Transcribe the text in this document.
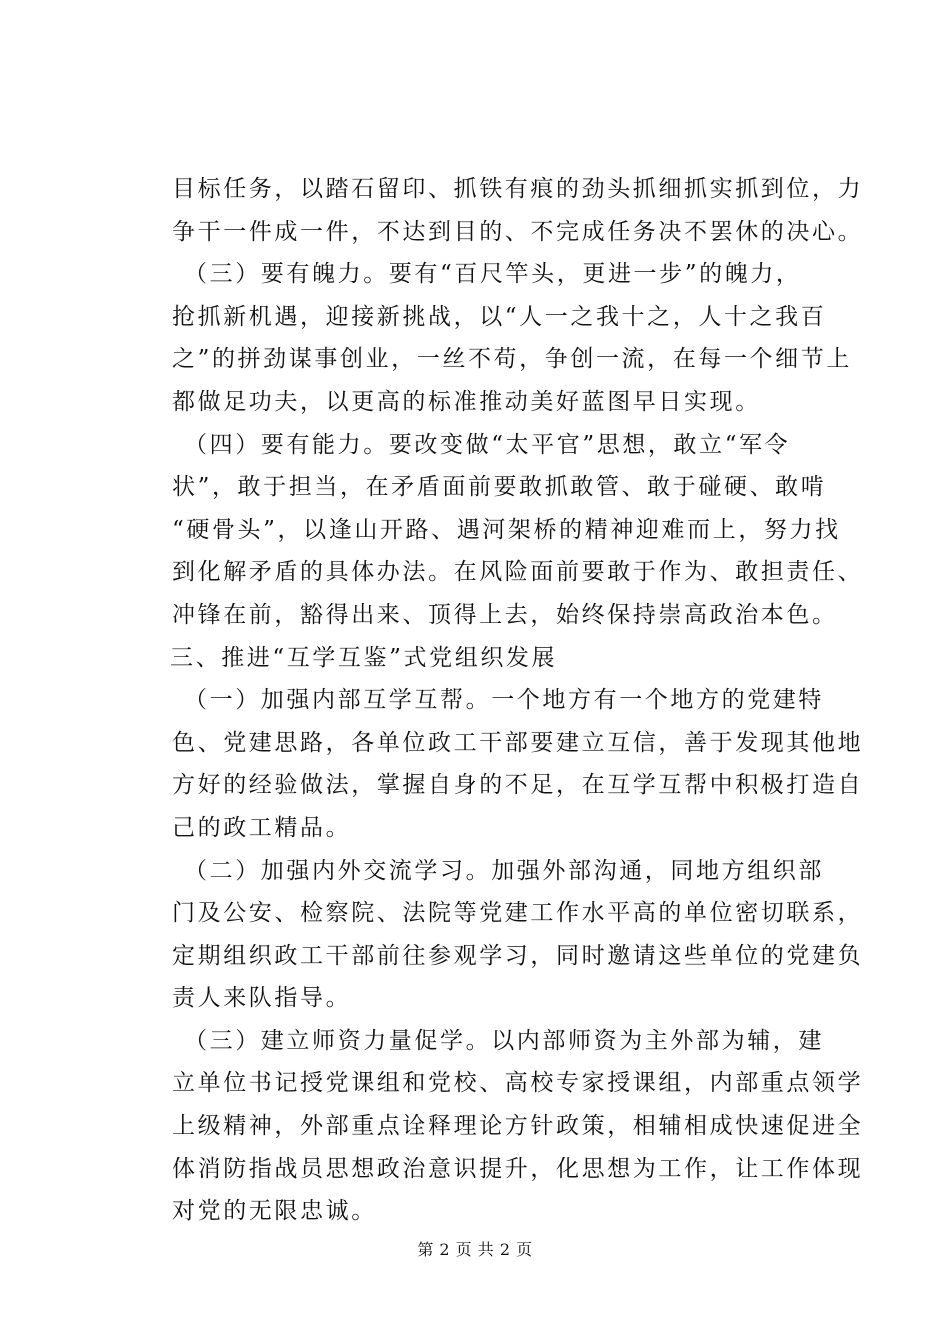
目标任务，以踏石留印、抓铁有痕的劲头抓细抓实抓到位，力
争干一件成一件，不达到目的、不完成任务决不罢休的决心。
（三）要有魄力。要有“百尺竿头，更进一步”的魄力，
抢抓新机遇，迎接新挑战，以“人一之我十之，人十之我百
之”的拼劲谋事创业，一丝不苟，争创一流，在每一个细节上
都做足功夫，以更高的标准推动美好蓝图早日实现。
（四）要有能力。要改变做“太平官”思想，敢立“军令
状”，敢于担当，在矛盾面前要敢抓敢管、敢于碰硬、敢啃
“硬骨头”，以逢山开路、遇河架桥的精神迎难而上，努力找
到化解矛盾的具体办法。在风险面前要敢于作为、敢担责任、
冲锋在前，豁得出来、顶得上去，始终保持崇高政治本色。
三、推进“互学互鉴”式党组织发展
（一）加强内部互学互帮。一个地方有一个地方的党建特
色、党建思路，各单位政工干部要建立互信，善于发现其他地
方好的经验做法，掌握自身的不足，在互学互帮中积极打造自
己的政工精品。
（二）加强内外交流学习。加强外部沟通，同地方组织部
门及公安、检察院、法院等党建工作水平高的单位密切联系，
定期组织政工干部前往参观学习，同时邀请这些单位的党建负
责人来队指导。
（三）建立师资力量促学。以内部师资为主外部为辅，建
立单位书记授党课组和党校、高校专家授课组，内部重点领学
上级精神，外部重点诠释理论方针政策，相辅相成快速促进全
体消防指战员思想政治意识提升，化思想为工作，让工作体现
对党的无限忠诚。
第 2 页 共 2 页
